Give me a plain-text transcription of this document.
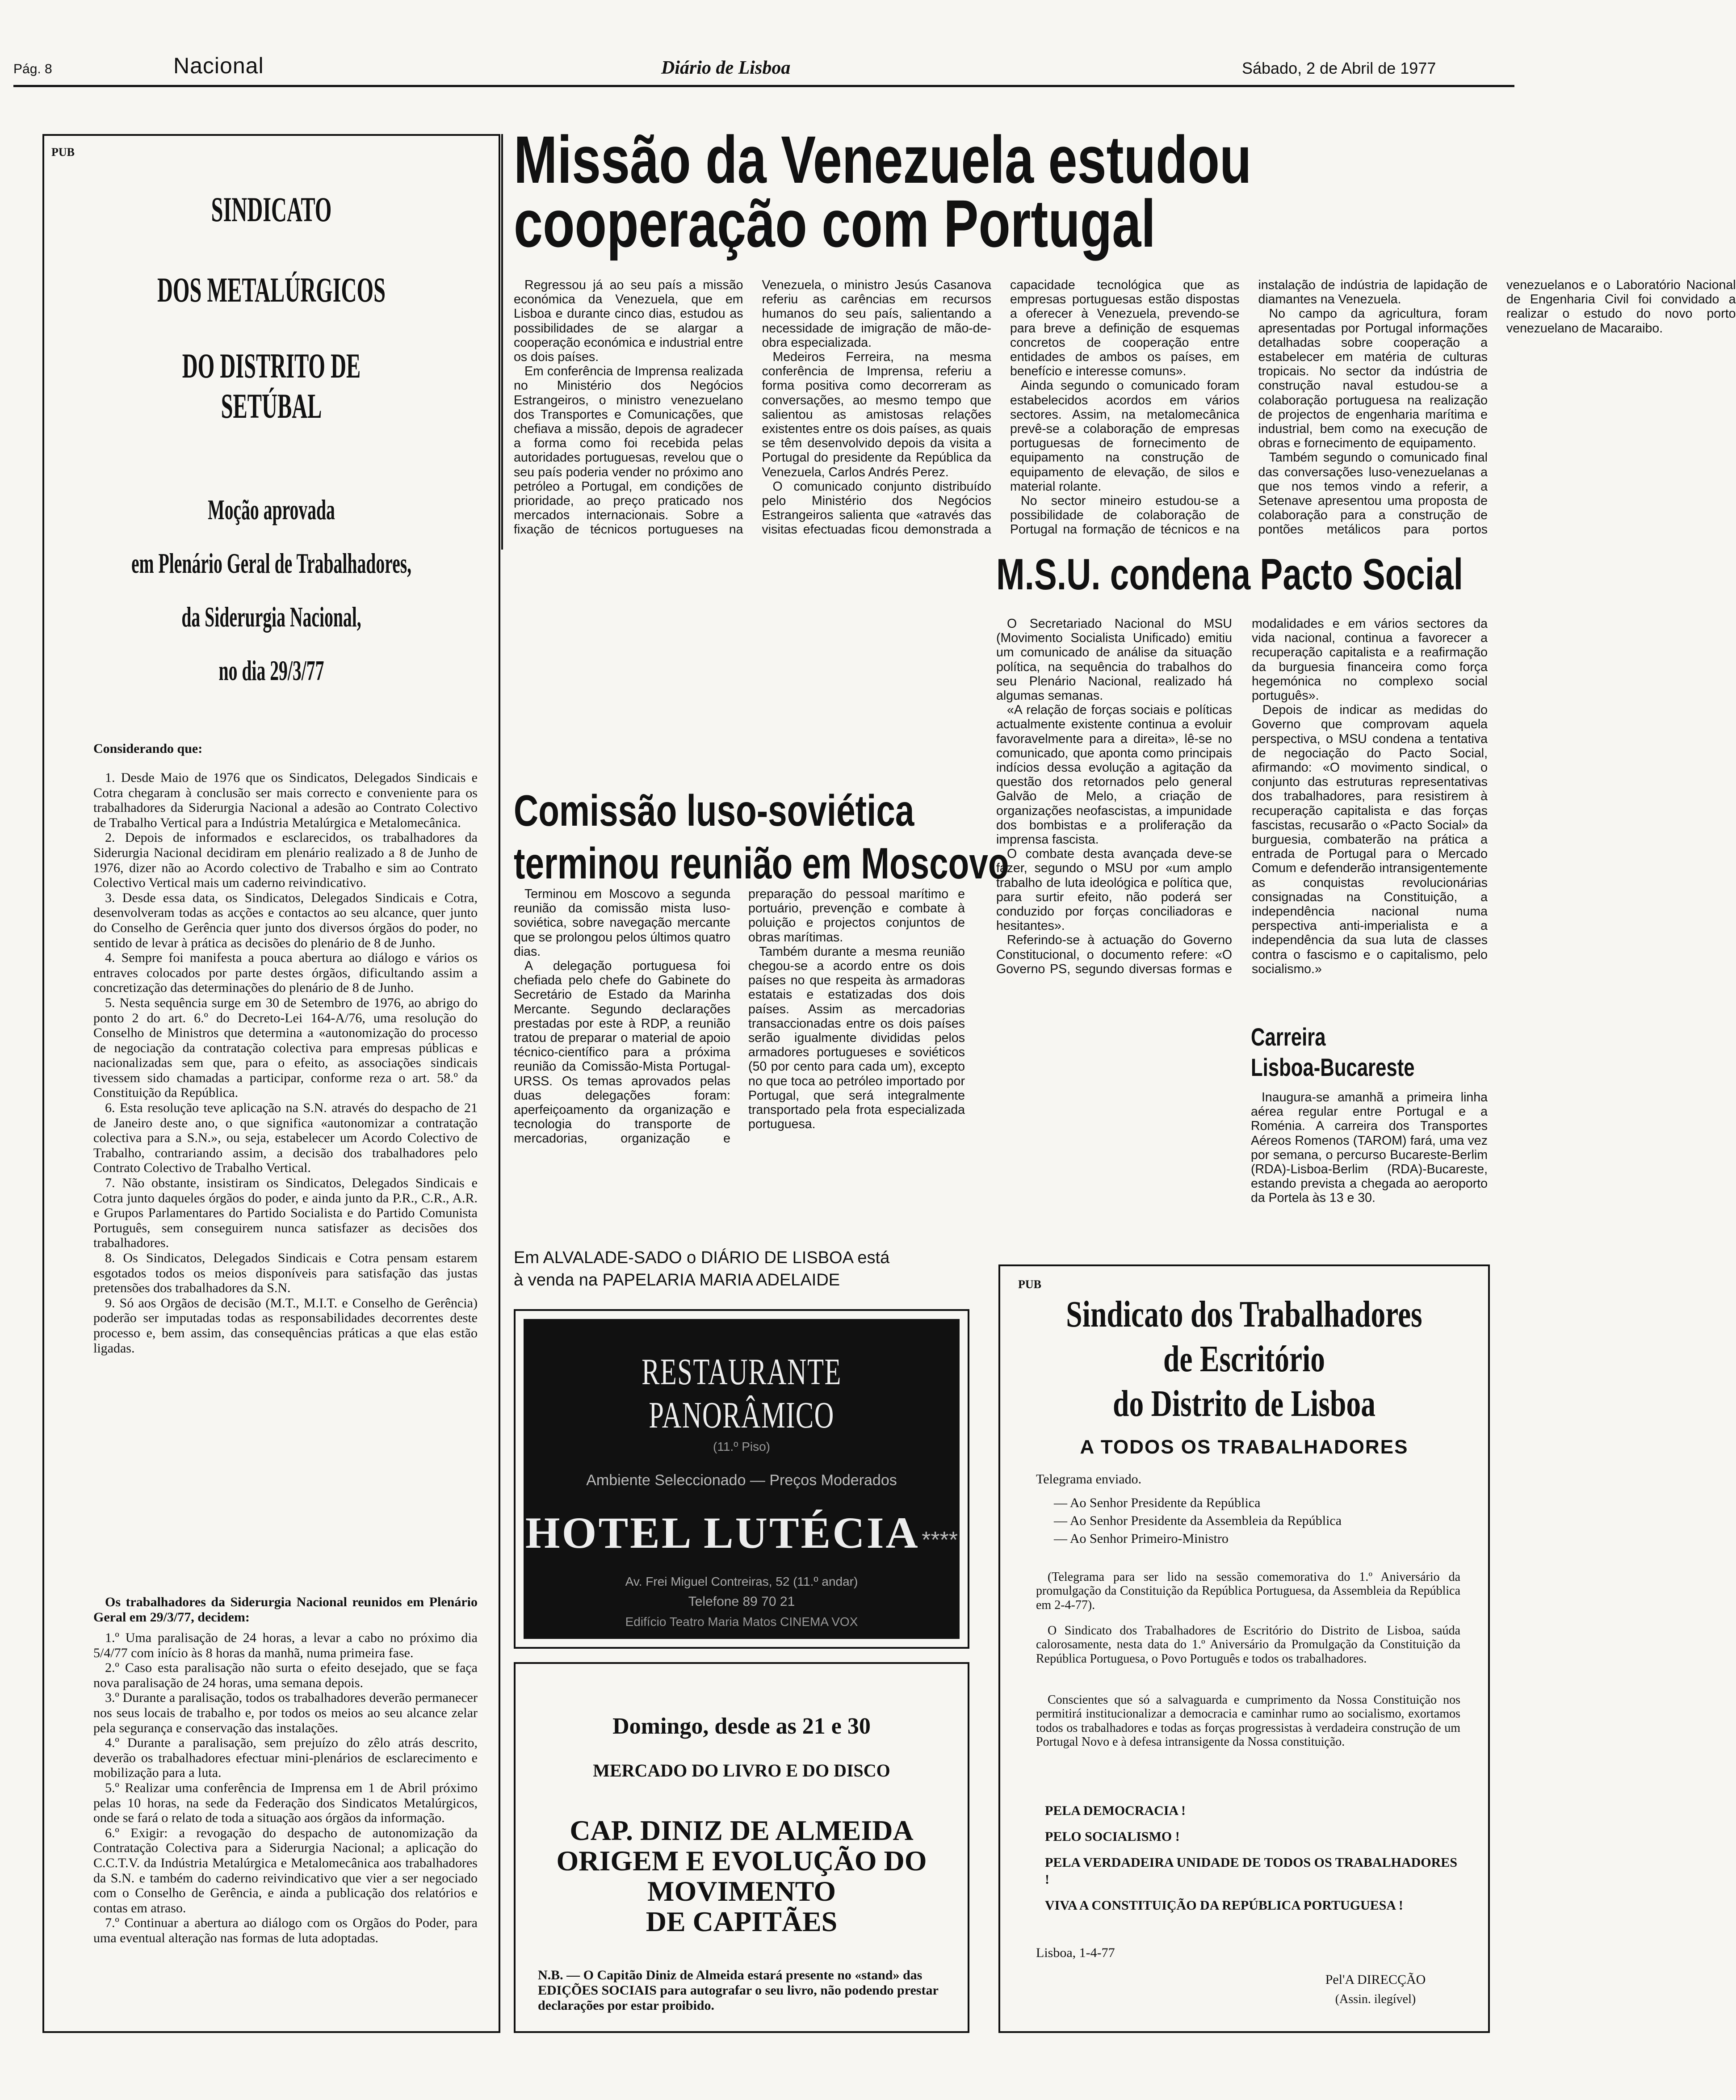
Pág. 8	Nacional	Diário de Lisboa	Sábado, 2 de Abril de 1977
PUB
SINDICATO
DOS METALÚRGICOS
DO DISTRITO DE SETÚBAL
Moção aprovada
em Plenário Geral de Trabalhadores,
da Siderurgia Nacional,
no dia 29/3/77
Considerando que:

1. Desde Maio de 1976 que os Sindicatos, Delegados Sindicais e Cotra chegaram à conclusão ser mais correcto e conveniente para os trabalhadores da Siderurgia Nacional a adesão ao Contrato Colectivo de Trabalho Vertical para a Indústria Metalúrgica e Metalomecânica.

2. Depois de informados e esclarecidos, os trabalhadores da Siderurgia Nacional decidiram em plenário realizado a 8 de Junho de 1976, dizer não ao Acordo colectivo de Trabalho e sim ao Contrato Colectivo Vertical mais um caderno reivindicativo.

3. Desde essa data, os Sindicatos, Delegados Sindicais e Cotra, desenvolveram todas as acções e contactos ao seu alcance, quer junto do Conselho de Gerência quer junto dos diversos órgãos do poder, no sentido de levar à prática as decisões do plenário de 8 de Junho.

4. Sempre foi manifesta a pouca abertura ao diálogo e vários os entraves colocados por parte destes órgãos, dificultando assim a concretização das determinações do plenário de 8 de Junho.

5. Nesta sequência surge em 30 de Setembro de 1976, ao abrigo do ponto 2 do art. 6.º do Decreto-Lei 164-A/76, uma resolução do Conselho de Ministros que determina a «autonomização do processo de negociação da contratação colectiva para empresas públicas e nacionalizadas sem que, para o efeito, as associações sindicais tivessem sido chamadas a participar, conforme reza o art. 58.º da Constituição da República.

6. Esta resolução teve aplicação na S.N. através do despacho de 21 de Janeiro deste ano, o que significa «autonomizar a contratação colectiva para a S.N.», ou seja, estabelecer um Acordo Colectivo de Trabalho, contrariando assim, a decisão dos trabalhadores pelo Contrato Colectivo de Trabalho Vertical.

7. Não obstante, insistiram os Sindicatos, Delegados Sindicais e Cotra junto daqueles órgãos do poder, e ainda junto da P.R., C.R., A.R. e Grupos Parlamentares do Partido Socialista e do Partido Comunista Português, sem conseguirem nunca satisfazer as decisões dos trabalhadores.

8. Os Sindicatos, Delegados Sindicais e Cotra pensam estarem esgotados todos os meios disponíveis para satisfação das justas pretensões dos trabalhadores da S.N.

9. Só aos Orgãos de decisão (M.T., M.I.T. e Conselho de Gerência) poderão ser imputadas todas as responsabilidades decorrentes deste processo e, bem assim, das consequências práticas a que elas estão ligadas.

Os trabalhadores da Siderurgia Nacional reunidos em Plenário Geral em 29/3/77, decidem:

1.º Uma paralisação de 24 horas, a levar a cabo no próximo dia 5/4/77 com início às 8 horas da manhã, numa primeira fase.

2.º Caso esta paralisação não surta o efeito desejado, que se faça nova paralisação de 24 horas, uma semana depois.

3.º Durante a paralisação, todos os trabalhadores deverão permanecer nos seus locais de trabalho e, por todos os meios ao seu alcance zelar pela segurança e conservação das instalações.

4.º Durante a paralisação, sem prejuízo do zêlo atrás descrito, deverão os trabalhadores efectuar mini-plenários de esclarecimento e mobilização para a luta.

5.º Realizar uma conferência de Imprensa em 1 de Abril próximo pelas 10 horas, na sede da Federação dos Sindicatos Metalúrgicos, onde se fará o relato de toda a situação aos órgãos da informação.

6.º Exigir: a revogação do despacho de autonomização da Contratação Colectiva para a Siderurgia Nacional; a aplicação do C.C.T.V. da Indústria Metalúrgica e Metalomecânica aos trabalhadores da S.N. e também do caderno reivindicativo que vier a ser negociado com o Conselho de Gerência, e ainda a publicação dos relatórios e contas em atraso.

7.º Continuar a abertura ao diálogo com os Orgãos do Poder, para uma eventual alteração nas formas de luta adoptadas.

Missão da Venezuela estudou
cooperação com Portugal

Regressou já ao seu país a missão económica da Venezuela, que em Lisboa e durante cinco dias, estudou as possibilidades de se alargar a cooperação económica e industrial entre os dois países.

Em conferência de Imprensa realizada no Ministério dos Negócios Estrangeiros, o ministro venezuelano dos Transportes e Comunicações, que chefiava a missão, depois de agradecer a forma como foi recebida pelas autoridades portuguesas, revelou que o seu país poderia vender no próximo ano petróleo a Portugal, em condições de prioridade, ao preço praticado nos mercados internacionais. Sobre a fixação de técnicos portugueses na Venezuela, o ministro Jesús Casanova referiu as carências em recursos humanos do seu país, salientando a necessidade de imigração de mão-de-obra especializada.

Medeiros Ferreira, na mesma conferência de Imprensa, referiu a forma positiva como decorreram as conversações, ao mesmo tempo que salientou as amistosas relações existentes entre os dois países, as quais se têm desenvolvido depois da visita a Portugal do presidente da República da Venezuela, Carlos Andrés Perez.

O comunicado conjunto distribuído pelo Ministério dos Negócios Estrangeiros salienta que «através das visitas efectuadas ficou demonstrada a capacidade tecnológica que as empresas portuguesas estão dispostas a oferecer à Venezuela, prevendo-se para breve a definição de esquemas concretos de cooperação entre entidades de ambos os países, em benefício e interesse comuns».

Ainda segundo o comunicado foram estabelecidos acordos em vários sectores. Assim, na metalomecânica prevê-se a colaboração de empresas portuguesas de fornecimento de equipamento na construção de equipamento de elevação, de silos e material rolante.

No sector mineiro estudou-se a possibilidade de colaboração de Portugal na formação de técnicos e na instalação de indústria de lapidação de diamantes na Venezuela.

No campo da agricultura, foram apresentadas por Portugal informações detalhadas sobre cooperação a estabelecer em matéria de culturas tropicais. No sector da indústria de construção naval estudou-se a colaboração portuguesa na realização de projectos de engenharia marítima e industrial, bem como na execução de obras e fornecimento de equipamento.

Também segundo o comunicado final das conversações luso-venezuelanas a que nos temos vindo a referir, a Setenave apresentou uma proposta de colaboração para a construção de pontões metálicos para portos venezuelanos e o Laboratório Nacional de Engenharia Civil foi convidado a realizar o estudo do novo porto venezuelano de Macaraibo.

M.S.U. condena Pacto Social

O Secretariado Nacional do MSU (Movimento Socialista Unificado) emitiu um comunicado de análise da situação política, na sequência do trabalhos do seu Plenário Nacional, realizado há algumas semanas.

«A relação de forças sociais e políticas actualmente existente continua a evoluir favoravelmente para a direita», lê-se no comunicado, que aponta como principais indícios dessa evolução a agitação da questão dos retornados pelo general Galvão de Melo, a criação de organizações neofascistas, a impunidade dos bombistas e a proliferação da imprensa fascista.

O combate desta avançada deve-se fazer, segundo o MSU por «um amplo trabalho de luta ideológica e política que, para surtir efeito, não poderá ser conduzido por forças conciliadoras e hesitantes».

Referindo-se à actuação do Governo Constitucional, o documento refere: «O Governo PS, segundo diversas formas e modalidades e em vários sectores da vida nacional, continua a favorecer a recuperação capitalista e a reafirmação da burguesia financeira como força hegemónica no complexo social português».

Depois de indicar as medidas do Governo que comprovam aquela perspectiva, o MSU condena a tentativa de negociação do Pacto Social, afirmando: «O movimento sindical, o conjunto das estruturas representativas dos trabalhadores, para resistirem à recuperação capitalista e das forças fascistas, recusarão o «Pacto Social» da burguesia, combaterão na prática a entrada de Portugal para o Mercado Comum e defenderão intransigentemente as conquistas revolucionárias consignadas na Constituição, a independência nacional numa perspectiva anti-imperialista e a independência da sua luta de classes contra o fascismo e o capitalismo, pelo socialismo.»

Carreira
Lisboa-Bucareste

Inaugura-se amanhã a primeira linha aérea regular entre Portugal e a Roménia. A carreira dos Transportes Aéreos Romenos (TAROM) fará, uma vez por semana, o percurso Bucareste-Berlim (RDA)-Lisboa-Berlim (RDA)-Bucareste, estando prevista a chegada ao aeroporto da Portela às 13 e 30.

Comissão luso-soviética
terminou reunião em Moscovo

Terminou em Moscovo a segunda reunião da comissão mista luso-soviética, sobre navegação mercante que se prolongou pelos últimos quatro dias.

A delegação portuguesa foi chefiada pelo chefe do Gabinete do Secretário de Estado da Marinha Mercante. Segundo declarações prestadas por este à RDP, a reunião tratou de preparar o material de apoio técnico-científico para a próxima reunião da Comissão-Mista Portugal-URSS. Os temas aprovados pelas duas delegações foram: aperfeiçoamento da organização e tecnologia do transporte de mercadorias, organização e preparação do pessoal marítimo e portuário, prevenção e combate à poluição e projectos conjuntos de obras marítimas.

Também durante a mesma reunião chegou-se a acordo entre os dois países no que respeita às armadoras estatais e estatizadas dos dois países. Assim as mercadorias transaccionadas entre os dois países serão igualmente divididas pelos armadores portugueses e soviéticos (50 por cento para cada um), excepto no que toca ao petróleo importado por Portugal, que será integralmente transportado pela frota especializada portuguesa.

Em ALVALADE-SADO o DIÁRIO DE LISBOA está
à venda na PAPELARIA MARIA ADELAIDE
RESTAURANTE PANORÂMICO
(11.º Piso)
Ambiente Seleccionado — Preços Moderados
HOTEL LUTÉCIA ****
Av. Frei Miguel Contreiras, 52 (11.º andar)
Telefone 89 70 21
Edifício Teatro Maria Matos CINEMA VOX
Domingo, desde as 21 e 30
MERCADO DO LIVRO E DO DISCO
CAP. DINIZ DE ALMEIDA
ORIGEM E EVOLUÇÃO DO
MOVIMENTO
DE CAPITÃES
N.B. — O Capitão Diniz de Almeida estará presente no «stand» das EDIÇÕES SOCIAIS para autografar o seu livro, não podendo prestar declarações por estar proibido.
PUB
Sindicato dos Trabalhadores
de Escritório
do Distrito de Lisboa
A TODOS OS TRABALHADORES
Telegrama enviado.

— Ao Senhor Presidente da República

— Ao Senhor Presidente da Assembleia da República

— Ao Senhor Primeiro-Ministro

(Telegrama para ser lido na sessão comemorativa do 1.º Aniversário da promulgação da Constituição da República Portuguesa, da Assembleia da República em 2-4-77).
O Sindicato dos Trabalhadores de Escritório do Distrito de Lisboa, saúda calorosamente, nesta data do 1.º Aniversário da Promulgação da Constituição da República Portuguesa, o Povo Português e todos os trabalhadores.
Conscientes que só a salvaguarda e cumprimento da Nossa Constituição nos permitirá institucionalizar a democracia e caminhar rumo ao socialismo, exortamos todos os trabalhadores e todas as forças progressistas à verdadeira construção de um Portugal Novo e à defesa intransigente da Nossa constituição.

PELA DEMOCRACIA !

PELO SOCIALISMO !

PELA VERDADEIRA UNIDADE DE TODOS OS TRABALHADORES !

VIVA A CONSTITUIÇÃO DA REPÚBLICA PORTUGUESA !

Lisboa, 1-4-77
Pel'A DIRECÇÃO
(Assin. ilegível)
